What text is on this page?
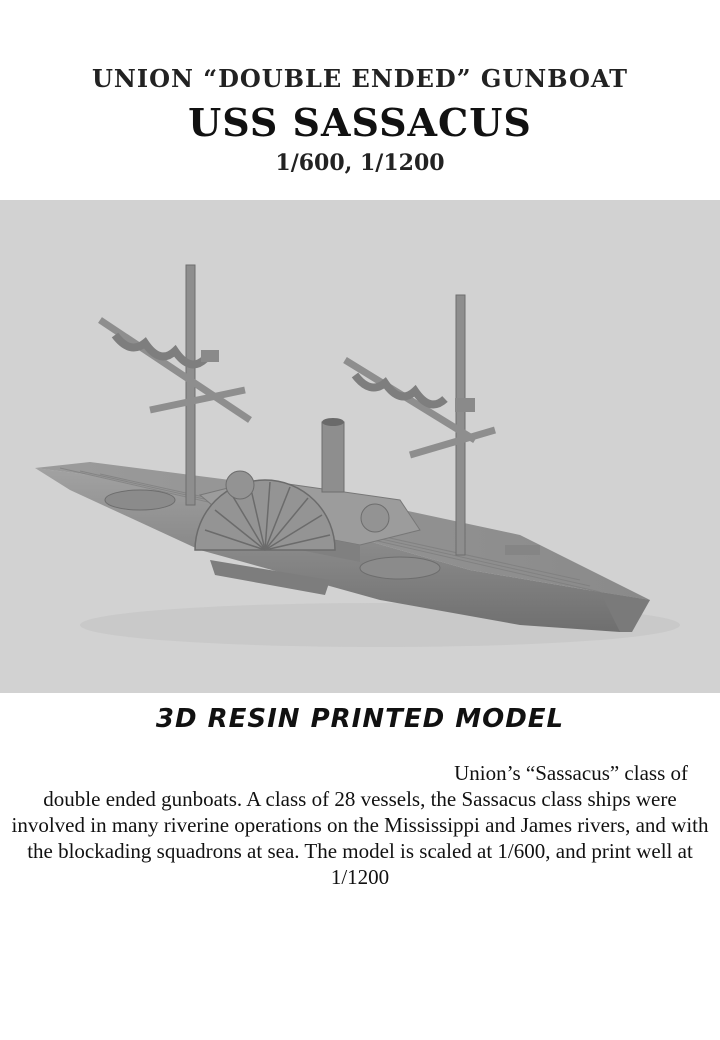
UNION “DOUBLE ENDED” GUNBOAT
USS SASSACUS
1/600, 1/1200
3D RESIN PRINTED MODEL
Union’s “Sassacus” class of
double ended gunboats. A class of 28 vessels, the Sassacus class ships were involved in many riverine operations on the Mississippi and James rivers, and with the blockading squadrons at sea. The model is scaled at 1/600, and print well at 1/1200
